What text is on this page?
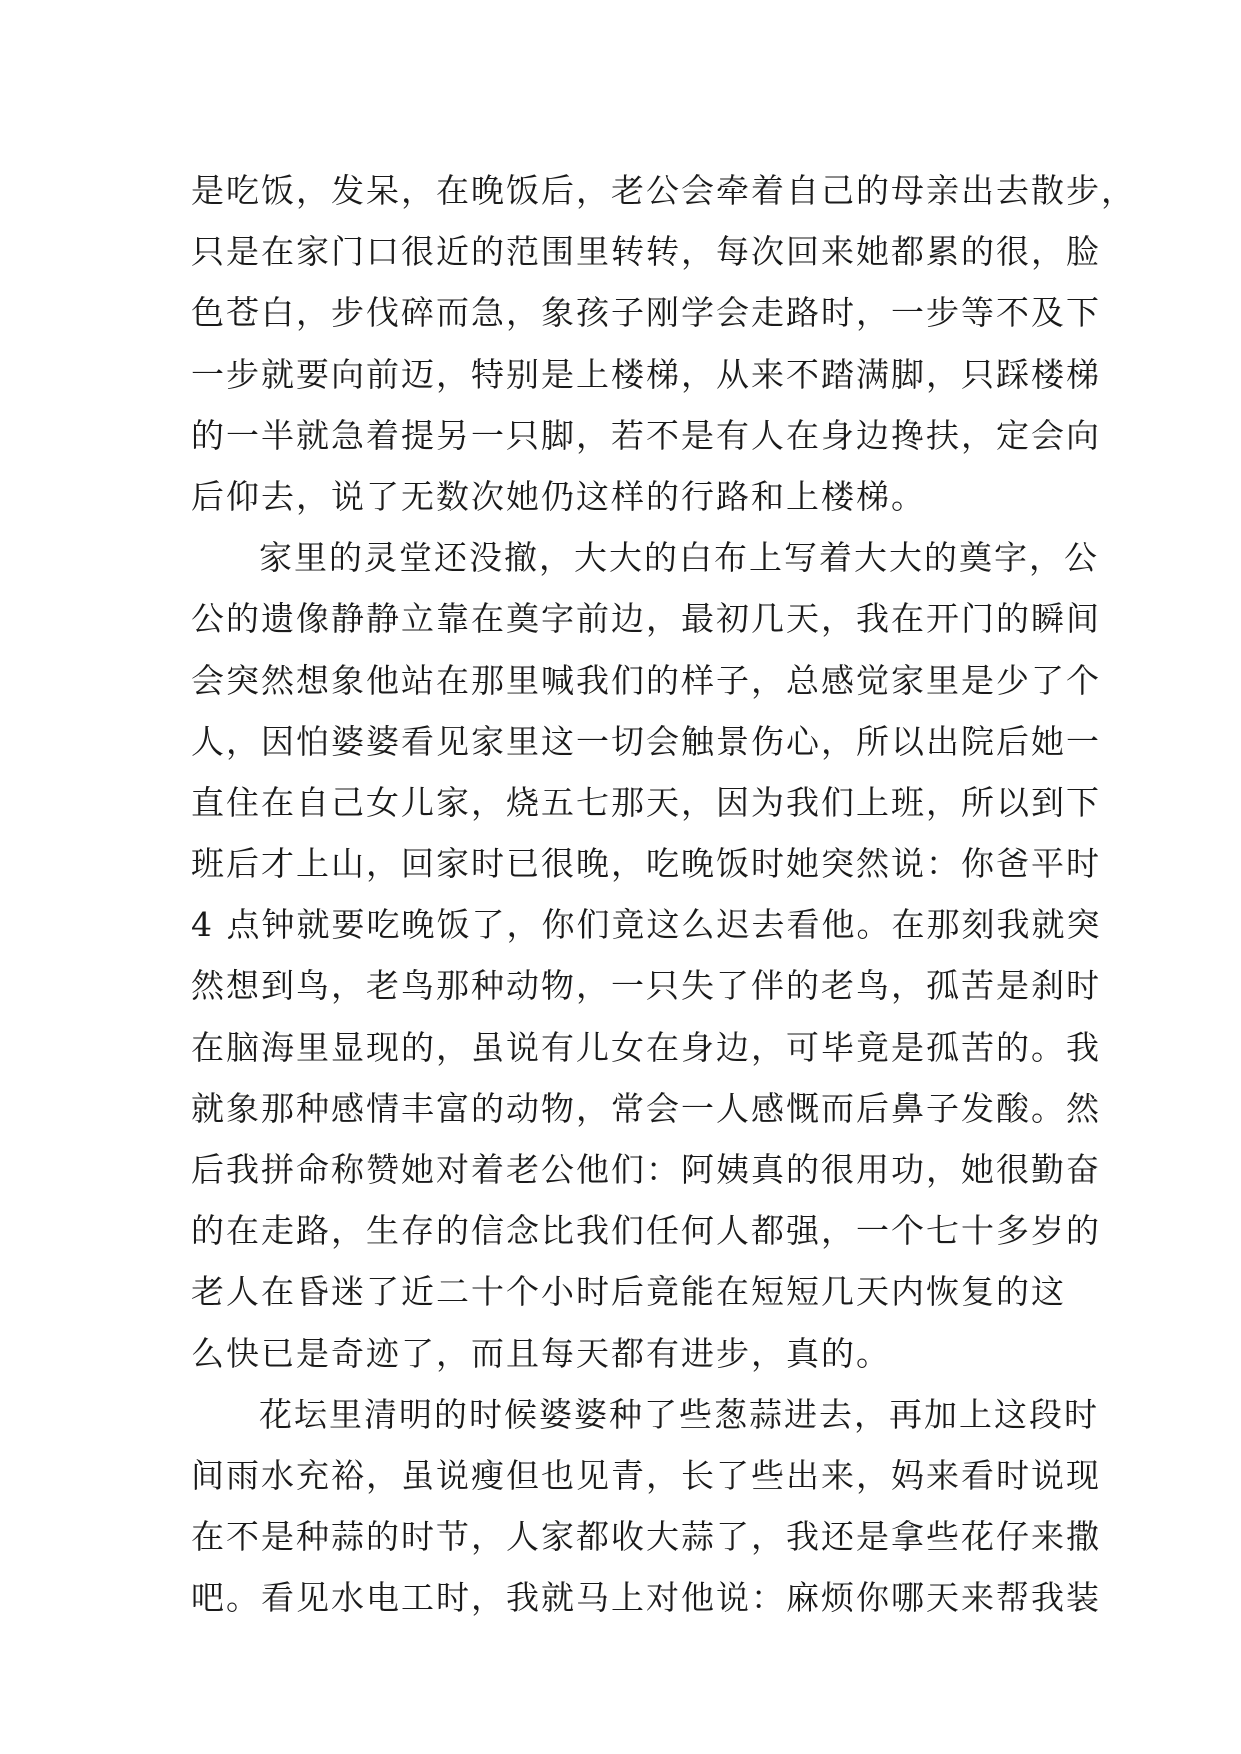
是吃饭，发呆，在晚饭后，老公会牵着自己的母亲出去散步，
只是在家门口很近的范围里转转，每次回来她都累的很，脸
色苍白，步伐碎而急，象孩子刚学会走路时，一步等不及下
一步就要向前迈，特别是上楼梯，从来不踏满脚，只踩楼梯
的一半就急着提另一只脚，若不是有人在身边搀扶，定会向
后仰去，说了无数次她仍这样的行路和上楼梯。
家里的灵堂还没撤，大大的白布上写着大大的奠字，公
公的遗像静静立靠在奠字前边，最初几天，我在开门的瞬间
会突然想象他站在那里喊我们的样子，总感觉家里是少了个
人，因怕婆婆看见家里这一切会触景伤心，所以出院后她一
直住在自己女儿家，烧五七那天，因为我们上班，所以到下
班后才上山，回家时已很晚，吃晚饭时她突然说：你爸平时
4 点钟就要吃晚饭了，你们竟这么迟去看他。在那刻我就突
然想到鸟，老鸟那种动物，一只失了伴的老鸟，孤苦是刹时
在脑海里显现的，虽说有儿女在身边，可毕竟是孤苦的。我
就象那种感情丰富的动物，常会一人感慨而后鼻子发酸。然
后我拼命称赞她对着老公他们：阿姨真的很用功，她很勤奋
的在走路，生存的信念比我们任何人都强，一个七十多岁的
老人在昏迷了近二十个小时后竟能在短短几天内恢复的这
么快已是奇迹了，而且每天都有进步，真的。
花坛里清明的时候婆婆种了些葱蒜进去，再加上这段时
间雨水充裕，虽说瘦但也见青，长了些出来，妈来看时说现
在不是种蒜的时节，人家都收大蒜了，我还是拿些花仔来撒
吧。看见水电工时，我就马上对他说：麻烦你哪天来帮我装
